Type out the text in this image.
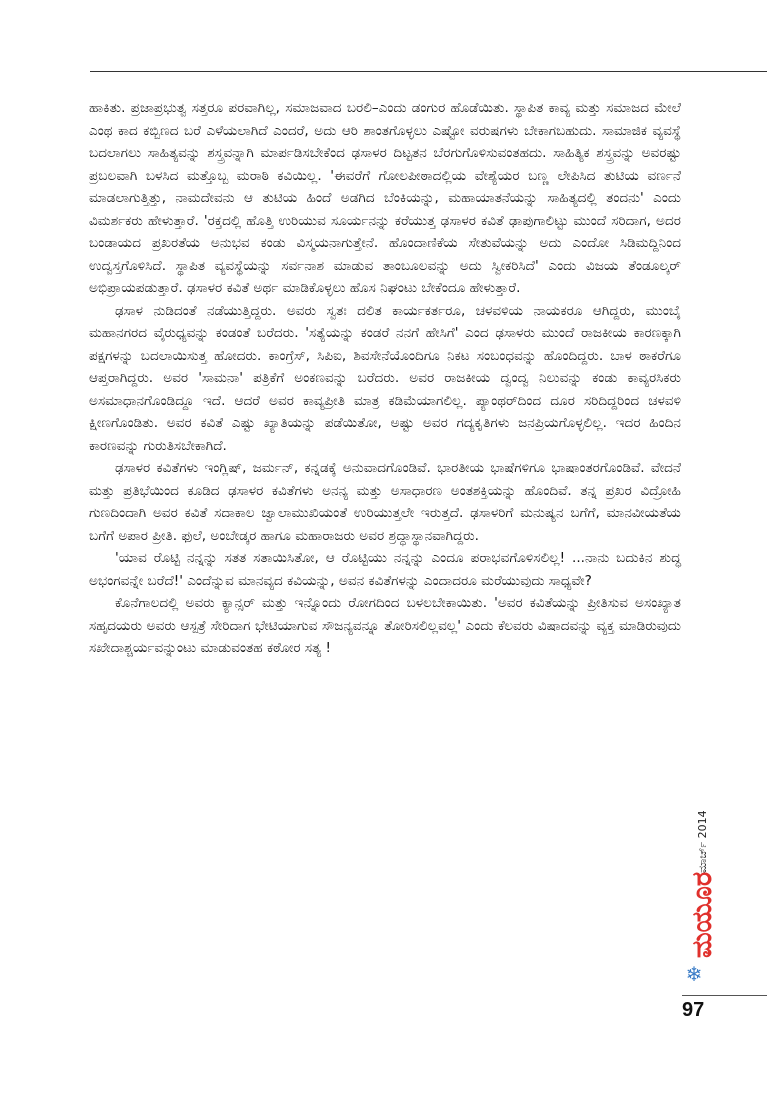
ಹಾಕಿತು. ಪ್ರಜಾಪ್ರಭುತ್ವ ಸತ್ತರೂ ಪರವಾಗಿಲ್ಲ, ಸಮಾಜವಾದ ಬರಲಿ–ಎಂದು ಡಂಗುರ ಹೊಡೆಯಿತು. ಸ್ಥಾಪಿತ ಕಾವ್ಯ ಮತ್ತು ಸಮಾಜದ ಮೇಲೆ ಎಂಥ ಕಾದ ಕಬ್ಬಿಣದ ಬರೆ ಎಳೆಯಲಾಗಿದೆ ಎಂದರೆ, ಅದು ಆರಿ ಶಾಂತಗೊಳ್ಳಲು ಎಷ್ಟೋ ವರುಷಗಳು ಬೇಕಾಗಬಹುದು. ಸಾಮಾಜಿಕ ವ್ಯವಸ್ಥೆ ಬದಲಾಗಲು ಸಾಹಿತ್ಯವನ್ನು ಶಸ್ತ್ರವನ್ನಾಗಿ ಮಾರ್ಪಡಿಸಬೇಕೆಂದ ಢಸಾಳರ ದಿಟ್ಟತನ ಬೆರಗುಗೊಳಿಸುವಂತಹದು. ಸಾಹಿತ್ಯಿಕ ಶಸ್ತ್ರವನ್ನು ಅವರಷ್ಟು ಪ್ರಬಲವಾಗಿ ಬಳಸಿದ ಮತ್ತೊಬ್ಬ ಮರಾಠಿ ಕವಿಯಿಲ್ಲ. 'ಈವರೆಗೆ ಗೋಲಪೀಠಾದಲ್ಲಿಯ ವೇಶ್ಯೆಯರ ಬಣ್ಣ ಲೇಪಿಸಿದ ತುಟಿಯ ವರ್ಣನೆ ಮಾಡಲಾಗುತ್ತಿತ್ತು, ನಾಮದೇವನು ಆ ತುಟಿಯ ಹಿಂದೆ ಅಡಗಿದ ಬೆಂಕಿಯನ್ನು, ಮಹಾಯಾತನೆಯನ್ನು ಸಾಹಿತ್ಯದಲ್ಲಿ ತಂದನು' ಎಂದು ವಿಮರ್ಶಕರು ಹೇಳುತ್ತಾರೆ. 'ರಕ್ತದಲ್ಲಿ ಹೊತ್ತಿ ಉರಿಯುವ ಸೂರ್ಯನನ್ನು ಕರೆಯುತ್ತ ಢಸಾಳರ ಕವಿತೆ ಢಾಪುಗಾಲಿಟ್ಟು ಮುಂದೆ ಸರಿದಾಗ, ಅದರ ಬಂಡಾಯದ ಪ್ರಖರತೆಯ ಅನುಭವ ಕಂಡು ವಿಸ್ಮಯನಾಗುತ್ತೇನೆ. ಹೊಂದಾಣಿಕೆಯ ಸೇತುವೆಯನ್ನು ಅದು ಎಂದೋ ಸಿಡಿಮದ್ದಿನಿಂದ ಉದ್ವಸ್ತಗೊಳಿಸಿದೆ. ಸ್ಥಾಪಿತ ವ್ಯವಸ್ಥೆಯನ್ನು ಸರ್ವನಾಶ ಮಾಡುವ ತಾಂಬೂಲವನ್ನು ಅದು ಸ್ವೀಕರಿಸಿದೆ' ಎಂದು ವಿಜಯ ತೆಂಡೂಲ್ಕರ್ ಅಭಿಪ್ರಾಯಪಡುತ್ತಾರೆ. ಢಸಾಳರ ಕವಿತೆ ಅರ್ಥ ಮಾಡಿಕೊಳ್ಳಲು ಹೊಸ ನಿಘಂಟು ಬೇಕೆಂದೂ ಹೇಳುತ್ತಾರೆ.

ಢಸಾಳ ನುಡಿದಂತೆ ನಡೆಯುತ್ತಿದ್ದರು. ಅವರು ಸ್ವತಃ ದಲಿತ ಕಾರ್ಯಕರ್ತರೂ, ಚಳವಳಿಯ ನಾಯಕರೂ ಆಗಿದ್ದರು, ಮುಂಬೈ ಮಹಾನಗರದ ವೈರುಧ್ಯವನ್ನು ಕಂಡಂತೆ ಬರೆದರು. 'ಸತ್ಯೆಯನ್ನು ಕಂಡರೆ ನನಗೆ ಹೇಸಿಗೆ' ಎಂದ ಢಸಾಳರು ಮುಂದೆ ರಾಜಕೀಯ ಕಾರಣಕ್ಕಾಗಿ ಪಕ್ಷಗಳನ್ನು ಬದಲಾಯಿಸುತ್ತ ಹೋದರು. ಕಾಂಗ್ರೆಸ್, ಸಿಪಿಐ, ಶಿವಸೇನೆಯೊಂದಿಗೂ ನಿಕಟ ಸಂಬಂಧವನ್ನು ಹೊಂದಿದ್ದರು. ಬಾಳ ಠಾಕರೆಗೂ ಆಪ್ತರಾಗಿದ್ದರು. ಅವರ 'ಸಾಮನಾ' ಪತ್ರಿಕೆಗೆ ಅಂಕಣವನ್ನು ಬರೆದರು. ಅವರ ರಾಜಕೀಯ ದ್ವಂದ್ವ ನಿಲುವನ್ನು ಕಂಡು ಕಾವ್ಯರಸಿಕರು ಅಸಮಾಧಾನಗೊಂಡಿದ್ದೂ ಇದೆ. ಆದರೆ ಅವರ ಕಾವ್ಯಪ್ರೀತಿ ಮಾತ್ರ ಕಡಿಮೆಯಾಗಲಿಲ್ಲ. ಪ್ಯಾಂಥರ್‌ದಿಂದ ದೂರ ಸರಿದಿದ್ದರಿಂದ ಚಳವಳಿ ಕ್ಷೀಣಗೊಂಡಿತು. ಅವರ ಕವಿತೆ ಎಷ್ಟು ಖ್ಯಾತಿಯನ್ನು ಪಡೆಯಿತೋ, ಅಷ್ಟು ಅವರ ಗದ್ಯಕೃತಿಗಳು ಜನಪ್ರಿಯಗೊಳ್ಳಲಿಲ್ಲ. ಇದರ ಹಿಂದಿನ ಕಾರಣವನ್ನು ಗುರುತಿಸಬೇಕಾಗಿದೆ.

ಢಸಾಳರ ಕವಿತೆಗಳು ಇಂಗ್ಲಿಷ್, ಜರ್ಮನ್, ಕನ್ನಡಕ್ಕೆ ಅನುವಾದಗೊಂಡಿವೆ. ಭಾರತೀಯ ಭಾಷೆಗಳಿಗೂ ಭಾಷಾಂತರಗೊಂಡಿವೆ. ವೇದನೆ ಮತ್ತು ಪ್ರತಿಭೆಯಿಂದ ಕೂಡಿದ ಢಸಾಳರ ಕವಿತೆಗಳು ಅನನ್ಯ ಮತ್ತು ಅಸಾಧಾರಣ ಅಂತಶಕ್ತಿಯನ್ನು ಹೊಂದಿವೆ. ತನ್ನ ಪ್ರಖರ ವಿದ್ರೋಹಿ ಗುಣದಿಂದಾಗಿ ಅವರ ಕವಿತೆ ಸದಾಕಾಲ ಜ್ವಾಲಾಮುಖಿಯಂತೆ ಉರಿಯುತ್ತಲೇ ಇರುತ್ತದೆ. ಢಸಾಳರಿಗೆ ಮನುಷ್ಯನ ಬಗೆಗೆ, ಮಾನವೀಯತೆಯ ಬಗೆಗೆ ಅಪಾರ ಪ್ರೀತಿ. ಫುಲೆ, ಅಂಬೇಡ್ಕರ ಹಾಗೂ ಮಹಾರಾಜರು ಅವರ ಶ್ರದ್ಧಾಸ್ಥಾನವಾಗಿದ್ದರು.

'ಯಾವ ರೊಟ್ಟಿ ನನ್ನನ್ನು ಸತತ ಸತಾಯಿಸಿತೋ, ಆ ರೊಟ್ಟಿಯು ನನ್ನನ್ನು ಎಂದೂ ಪರಾಭವಗೊಳಿಸಲಿಲ್ಲ! ...ನಾನು ಬದುಕಿನ ಶುದ್ಧ ಅಭಂಗವನ್ನೇ ಬರೆದೆ!' ಎಂದೆನ್ನುವ ಮಾನವ್ಯದ ಕವಿಯನ್ನು, ಅವನ ಕವಿತೆಗಳನ್ನು ಎಂದಾದರೂ ಮರೆಯುವುದು ಸಾಧ್ಯವೇ?

ಕೊನೆಗಾಲದಲ್ಲಿ ಅವರು ಕ್ಯಾನ್ಸರ್ ಮತ್ತು ಇನ್ನೊಂದು ರೋಗದಿಂದ ಬಳಲಬೇಕಾಯಿತು. 'ಅವರ ಕವಿತೆಯನ್ನು ಪ್ರೀತಿಸುವ ಅಸಂಖ್ಯಾತ ಸಹೃದಯರು ಅವರು ಆಸ್ಪತ್ರೆ ಸೇರಿದಾಗ ಭೇಟಿಯಾಗುವ ಸೌಜನ್ಯವನ್ನೂ ತೋರಿಸಲಿಲ್ಲವಲ್ಲ' ಎಂದು ಕೆಲವರು ವಿಷಾದವನ್ನು ವ್ಯಕ್ತ ಮಾಡಿರುವುದು ಸಖೇದಾಶ್ಚರ್ಯವನ್ನುಂಟು ಮಾಡುವಂತಹ ಕಠೋರ ಸತ್ಯ !

ಮಾರ್ಚ್ 2014
ಮಯೂರ
❄
97
